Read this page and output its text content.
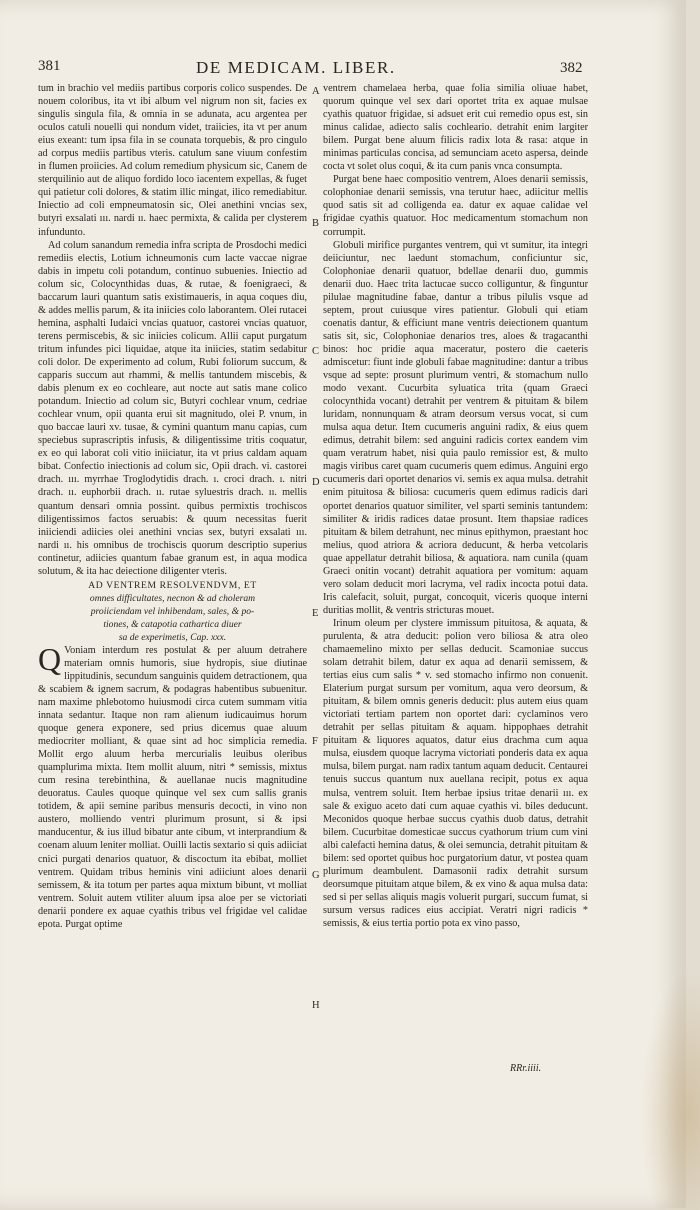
381	DE MEDICAM. LIBER.	382

tum in brachio vel mediis partibus corporis colico suspendes. De nouem coloribus, ita vt ibi album vel nigrum non sit, facies ex singulis singula fila, & omnia in se adunata, acu argentea per oculos catuli nouelli qui nondum videt, traiicies, ita vt per anum eius exeant: tum ipsa fila in se counata torquebis, & pro cingulo ad corpus mediis partibus vteris. catulum sane viuum confestim in flumen proiicies. Ad colum remedium physicum sic, Canem de sterquilinio aut de aliquo fordido loco iacentem expellas, & fuget qui patietur coli dolores, & statim illic mingat, ilico remediabitur. Iniectio ad coli empneumatosin sic, Olei anethini vncias sex, butyri exsalati ııı. nardi ıı. haec permixta, & calida per clysterem infundunto.

Ad colum sanandum remedia infra scripta de Prosdochi medici remediis electis, Lotium ichneumonis cum lacte vaccae nigrae dabis in impetu coli potandum, continuo subuenies. Iniectio ad colum sic, Colocynthidas duas, & rutae, & foenigraeci, & baccarum lauri quantum satis existimaueris, in aqua coques diu, & addes mellis parum, & ita iniicies colo laborantem. Olei rutacei hemina, asphalti Iudaici vncias quatuor, castorei vncias quatuor, terens permiscebis, & sic iniicies colicum. Allii caput purgatum tritum infundes pici liquidae, atque ita iniicies, statim sedabitur coli dolor. De experimento ad colum, Rubi foliorum succum, & capparis succum aut rhammi, & mellis tantundem miscebis, & dabis plenum ex eo cochleare, aut nocte aut satis mane colico potandum. Iniectio ad colum sic, Butyri cochlear vnum, cedriae cochlear vnum, opii quanta erui sit magnitudo, olei P. vnum, in quo baccae lauri xv. tusae, & cymini quantum manu capias, cum speciebus suprascriptis infusis, & diligentissime tritis coquatur, ex eo qui laborat coli vitio iniiciatur, ita vt prius caldam aquam bibat. Confectio iniectionis ad colum sic, Opii drach. vi. castorei drach. ııı. myrrhae Troglodytidis drach. ı. croci drach. ı. nitri drach. ıı. euphorbii drach. ıı. rutae syluestris drach. ıı. mellis quantum densari omnia possint. quibus permixtis trochiscos diligentissimos factos seruabis: & quum necessitas fuerit iniiciendi adiicies olei anethini vncias sex, butyri exsalati ııı. nardi ıı. his omnibus de trochiscis quorum descriptio superius continetur, adiicies quantum fabae granum est, in aqua modica solutum, & ita hac deiectione diligenter vteris.

AD VENTREM RESOLVENDVM, ET
omnes difficultates, necnon & ad choleram
proiiciendam vel inhibendam, sales, & po-
tiones, & catapotia cathartica diuer
sa de experimetis, Cap. xxx.
Q Voniam interdum res postulat & per aluum detrahere materiam omnis humoris, siue hydropis, siue diutinae lippitudinis, secundum sanguinis quidem detractionem, qua & scabiem & ignem sacrum, & podagras habentibus subuenitur. nam maxime phlebotomo huiusmodi circa cutem summam vitia innata sedantur. Itaque non ram alienum iudicauimus horum quoque genera exponere, sed prius dicemus quae aluum mediocriter molliant, & quae sint ad hoc simplicia remedia. Mollit ergo aluum herba mercurialis leuibus oleribus quamplurima mixta. Item mollit aluum, nitri * semissis, mixtus cum resina terebinthina, & auellanae nucis magnitudine deuoratus. Caules quoque quinque vel sex cum sallis granis totidem, & apii semine paribus mensuris decocti, in vino non austero, molliendo ventri plurimum prosunt, si & ipsi manducentur, & ius illud bibatur ante cibum, vt interprandium & coenam aluum leniter molliat. Ouilli lactis sextario si quis adiiciat cnici purgati denarios quatuor, & discoctum ita ebibat, molliet ventrem. Quidam tribus heminis vini adiiciunt aloes denarii semissem, & ita totum per partes aqua mixtum bibunt, vt molliat ventrem. Soluit autem vtiliter aluum ipsa aloe per se victoriati denarii pondere ex aquae cyathis tribus vel frigidae vel calidae epota. Purgat optime

ventrem chamelaea herba, quae folia similia oliuae habet, quorum quinque vel sex dari oportet trita ex aquae mulsae cyathis quatuor frigidae, si adsuet erit cui remedio opus est, sin minus calidae, adiecto salis cochleario. detrahit enim largiter bilem. Purgat bene aluum filicis radix lota & rasa: atque in minimas particulas concisa, ad semunciam aceto aspersa, deinde cocta vt solet olus coqui, & ita cum panis vnca consumpta.

Purgat bene haec compositio ventrem, Aloes denarii semissis, colophoniae denarii semissis, vna terutur haec, adiicitur mellis quod satis sit ad colligenda ea. datur ex aquae calidae vel frigidae cyathis quatuor. Hoc medicamentum stomachum non corrumpit.

Globuli mirifice purgantes ventrem, qui vt sumitur, ita integri deiiciuntur, nec laedunt stomachum, conficiuntur sic, Colophoniae denarii quatuor, bdellae denarii duo, gummis denarii duo. Haec trita lactucae succo colliguntur, & finguntur pilulae magnitudine fabae, dantur a tribus pilulis vsque ad septem, prout cuiusque vires patientur. Globuli qui etiam coenatis dantur, & efficiunt mane ventris deiectionem quantum satis sit, sic, Colophoniae denarios tres, aloes & tragacanthi binos: hoc pridie aqua maceratur, postero die caeteris admiscetur: fiunt inde globuli fabae magnitudine: dantur a tribus vsque ad septe: prosunt plurimum ventri, & stomachum nullo modo vexant. Cucurbita syluatica trita (quam Graeci colocynthida vocant) detrahit per ventrem & pituitam & bilem luridam, nonnunquam & atram deorsum versus vocat, si cum mulsa aqua detur. Item cucumeris anguini radix, & eius quem edimus, detrahit bilem: sed anguini radicis cortex eandem vim quam veratrum habet, nisi quia paulo remissior est, & multo magis viribus caret quam cucumeris quem edimus. Anguini ergo cucumeris dari oportet denarios vi. semis ex aqua mulsa. detrahit enim pituitosa & biliosa: cucumeris quem edimus radicis dari oportet denarios quatuor similiter, vel sparti seminis tantundem: similiter & iridis radices datae prosunt. Item thapsiae radices pituitam & bilem detrahunt, nec minus epithymon, praestant hoc melius, quod atriora & acriora deducunt, & herba vetcolaris quae appellatur detrahit biliosa, & aquatiora. nam cunila (quam Graeci onitin vocant) detrahit aquatiora per vomitum: aquam vero solam deducit mori lacryma, vel radix incocta potui data. Iris calefacit, soluit, purgat, concoquit, viceris quoque interni duritias mollit, & ventris stricturas mouet.

Irinum oleum per clystere immissum pituitosa, & aquata, & purulenta, & atra deducit: polion vero biliosa & atra oleo chamaemelino mixto per sellas deducit. Scamoniae succus solam detrahit bilem, datur ex aqua ad denarii semissem, & tertias eius cum salis * v. sed stomacho infirmo non conuenit. Elaterium purgat sursum per vomitum, aqua vero deorsum, & pituitam, & bilem omnis generis deducit: plus autem eius quam victoriati tertiam partem non oportet dari: cyclaminos vero detrahit per sellas pituitam & aquam. hippophaes detrahit pituitam & liquores aquatos, datur eius drachma cum aqua mulsa, eiusdem quoque lacryma victoriati ponderis data ex aqua mulsa, bilem purgat. nam radix tantum aquam deducit. Centaurei tenuis succus quantum nux auellana recipit, potus ex aqua mulsa, ventrem soluit. Item herbae ipsius tritae denarii ııı. ex sale & exiguo aceto dati cum aquae cyathis vi. biles deducunt. Meconidos quoque herbae succus cyathis duob datus, detrahit bilem. Cucurbitae domesticae succus cyathorum trium cum vini albi calefacti hemina datus, & olei semuncia, detrahit pituitam & bilem: sed oportet quibus hoc purgatorium datur, vt postea quam plurimum deambulent. Damasonii radix detrahit sursum deorsumque pituitam atque bilem, & ex vino & aqua mulsa data: sed si per sellas aliquis magis voluerit purgari, succum fumat, si sursum versus radices eius accipiat. Veratri nigri radicis * semissis, & eius tertia portio pota ex vino passo,

A
B
C
D
E
F
G
H
RRr.iiii.
